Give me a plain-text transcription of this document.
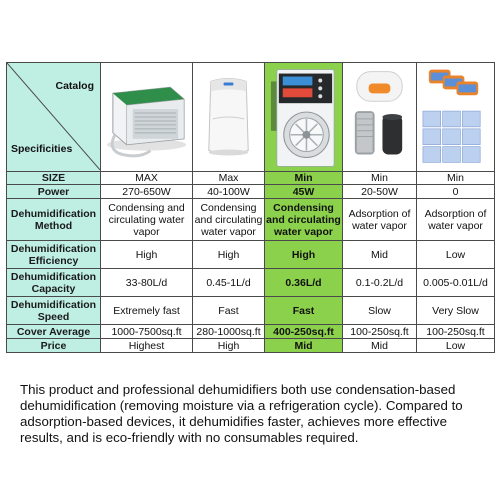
Catalog
Specificities

SIZE	MAX	Max	Min	Min	Min
Power	270-650W	40-100W	45W	20-50W	0
Dehumidification Method	Condensing and circulating water vapor	Condensing and circulating water vapor	Condensing and circulating water vapor	Adsorption of water vapor	Adsorption of water vapor
Dehumidification Efficiency	High	High	High	Mid	Low
Dehumidification Capacity	33-80L/d	0.45-1L/d	0.36L/d	0.1-0.2L/d	0.005-0.01L/d
Dehumidification Speed	Extremely fast	Fast	Fast	Slow	Very Slow
Cover Average	1000-7500sq.ft	280-1000sq.ft	400-250sq.ft	100-250sq.ft	100-250sq.ft
Price	Highest	High	Mid	Mid	Low

This product and professional dehumidifiers both use condensation-based dehumidification (removing moisture via a refrigeration cycle). Compared to adsorption-based devices, it dehumidifies faster, achieves more effective results, and is eco-friendly with no consumables required.
